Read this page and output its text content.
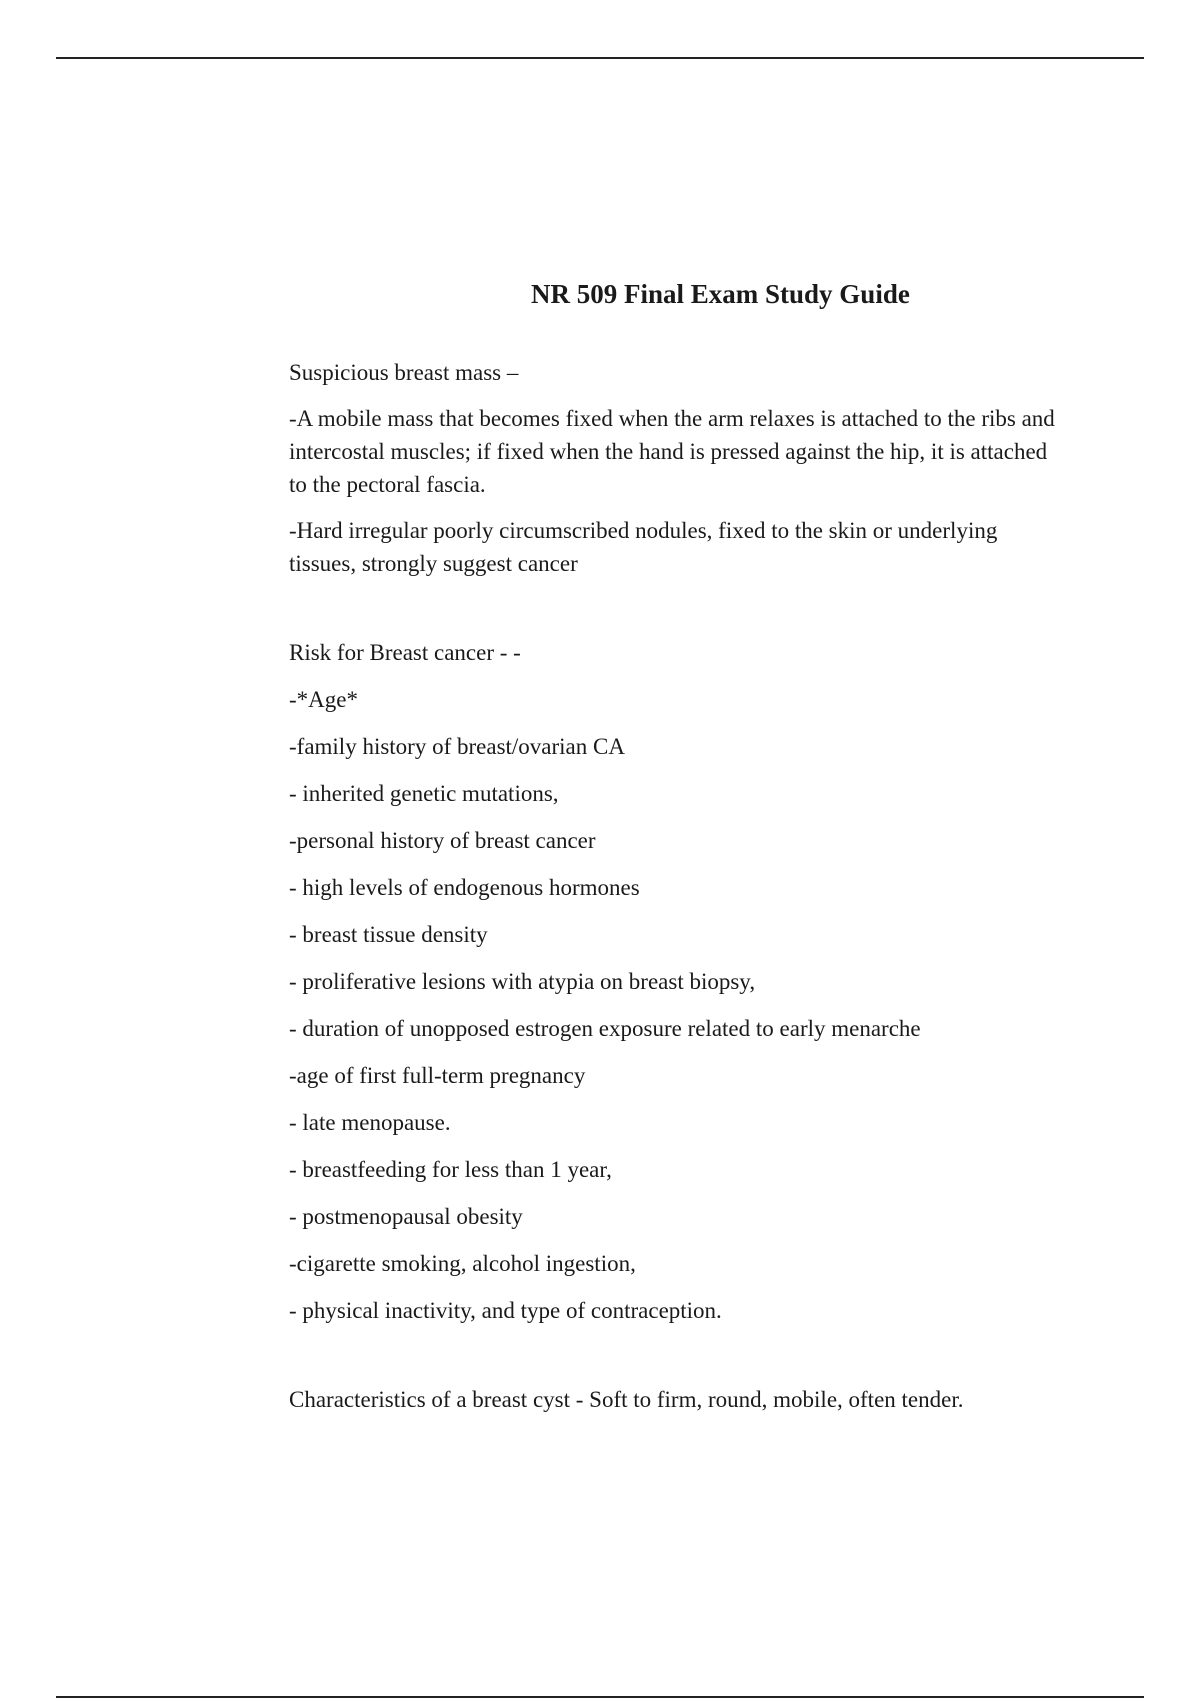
NR 509 Final Exam Study Guide
Suspicious breast mass –
-A mobile mass that becomes fixed when the arm relaxes is attached to the ribs and
intercostal muscles; if fixed when the hand is pressed against the hip, it is attached
to the pectoral fascia.
-Hard irregular poorly circumscribed nodules, fixed to the skin or underlying
tissues, strongly suggest cancer
Risk for Breast cancer - -
-*Age*
-family history of breast/ovarian CA
- inherited genetic mutations,
-personal history of breast cancer
- high levels of endogenous hormones
- breast tissue density
- proliferative lesions with atypia on breast biopsy,
- duration of unopposed estrogen exposure related to early menarche
-age of first full-term pregnancy
- late menopause.
- breastfeeding for less than 1 year,
- postmenopausal obesity
-cigarette smoking, alcohol ingestion,
- physical inactivity, and type of contraception.
Characteristics of a breast cyst - Soft to firm, round, mobile, often tender.
